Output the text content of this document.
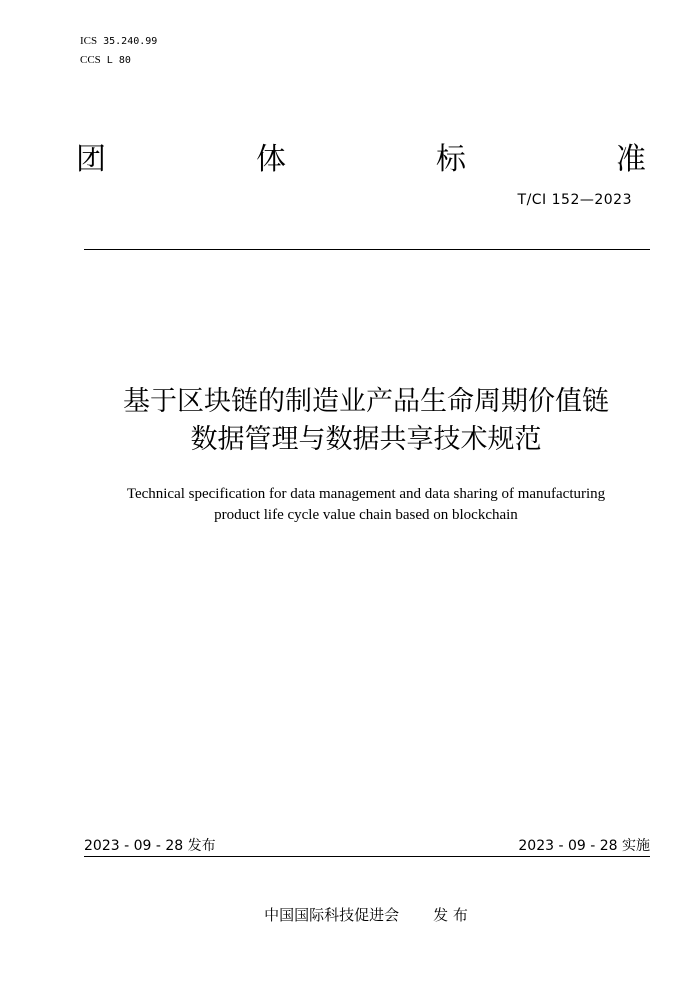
ICS 35.240.99
CCS L 80
团	体	标	准
T/CI 152—2023
基于区块链的制造业产品生命周期价值链
数据管理与数据共享技术规范
Technical specification for data management and data sharing of manufacturing
product life cycle value chain based on blockchain
2023 - 09 - 28 发布	2023 - 09 - 28 实施
中国国际科技促进会 发 布
